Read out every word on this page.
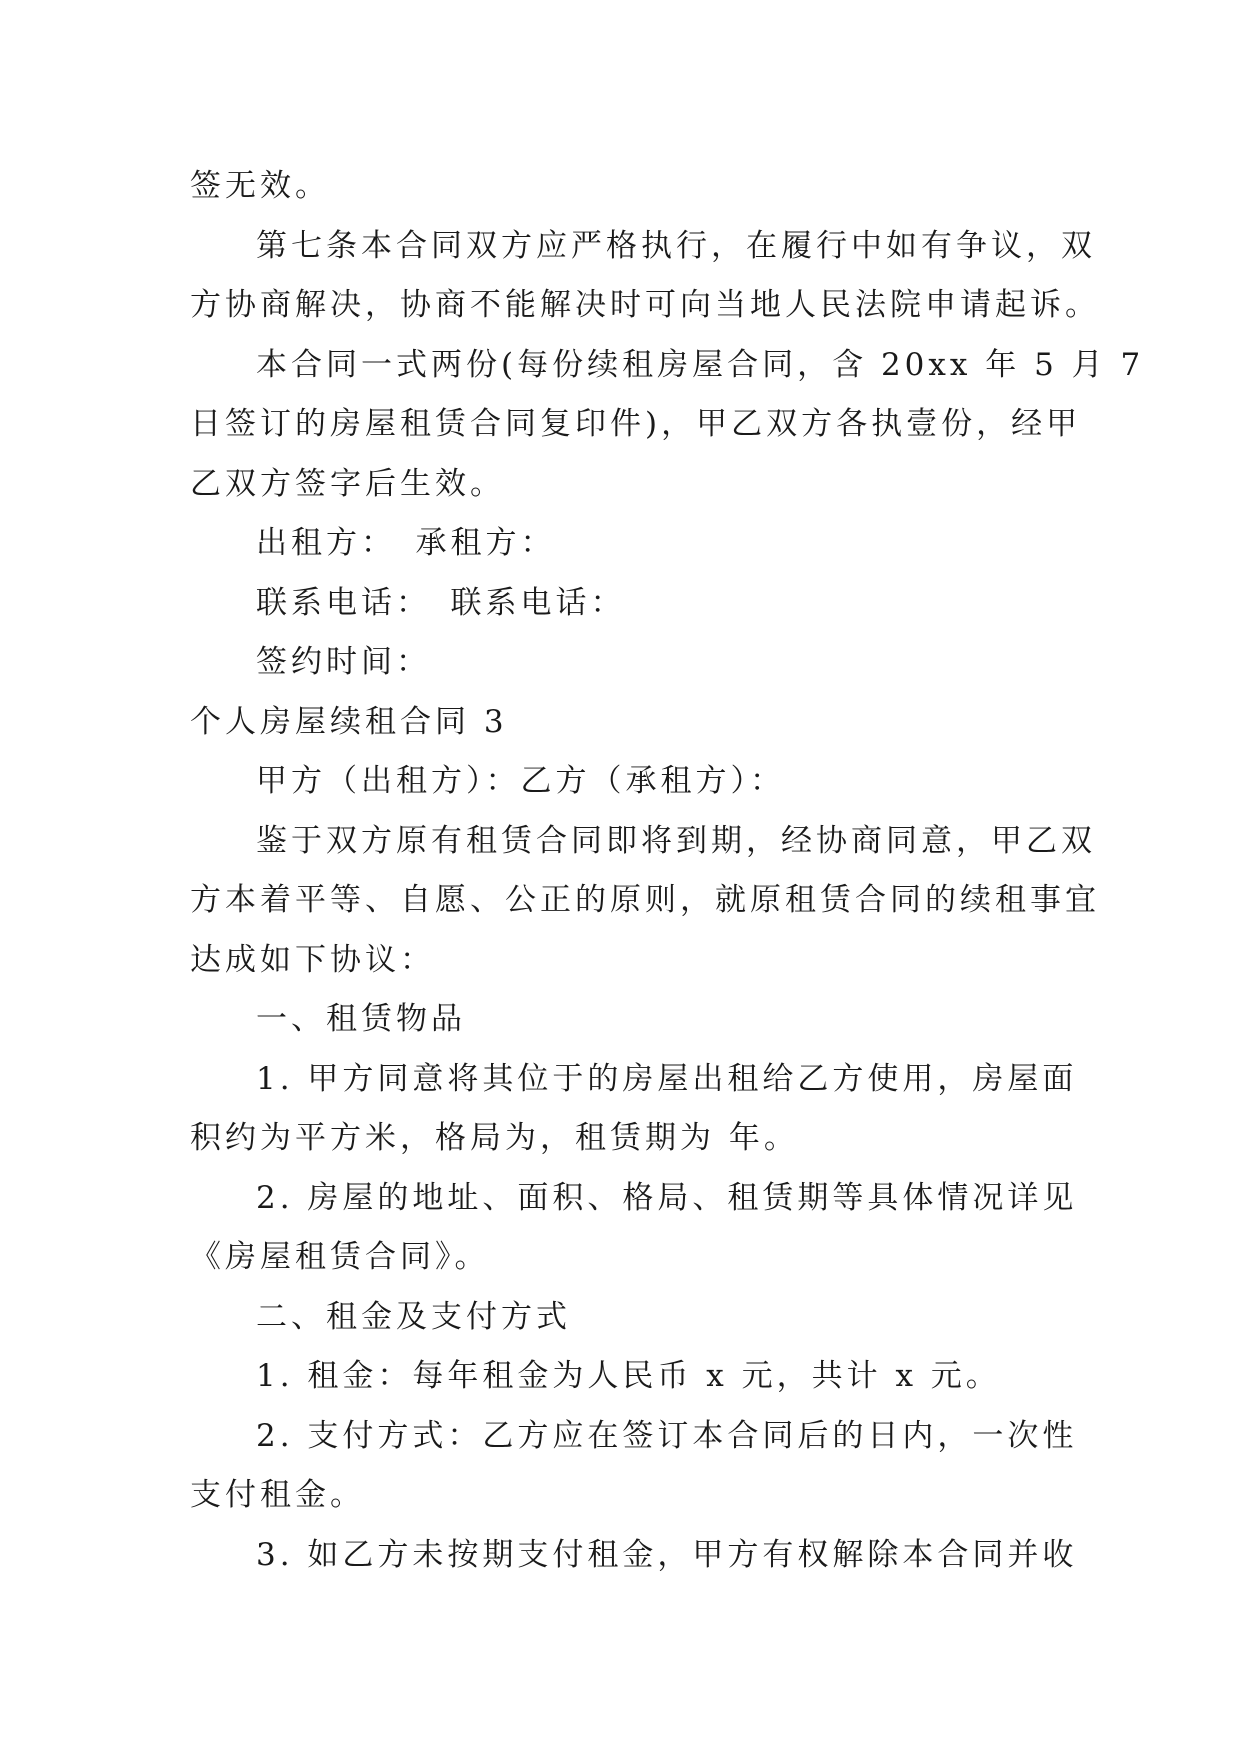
签无效。

第七条本合同双方应严格执行，在履行中如有争议，双

方协商解决，协商不能解决时可向当地人民法院申请起诉。

本合同一式两份(每份续租房屋合同，含 20xx 年 5 月 7

日签订的房屋租赁合同复印件)，甲乙双方各执壹份，经甲

乙双方签字后生效。

出租方：　承租方：

联系电话：　联系电话：

签约时间：

个人房屋续租合同 3

甲方（出租方）：乙方（承租方）：

鉴于双方原有租赁合同即将到期，经协商同意，甲乙双

方本着平等、自愿、公正的原则，就原租赁合同的续租事宜

达成如下协议：

一、租赁物品

1. 甲方同意将其位于的房屋出租给乙方使用，房屋面

积约为平方米，格局为，租赁期为 年。

2. 房屋的地址、面积、格局、租赁期等具体情况详见

《房屋租赁合同》。

二、租金及支付方式

1. 租金：每年租金为人民币 x 元，共计 x 元。

2. 支付方式：乙方应在签订本合同后的日内，一次性

支付租金。

3. 如乙方未按期支付租金，甲方有权解除本合同并收
